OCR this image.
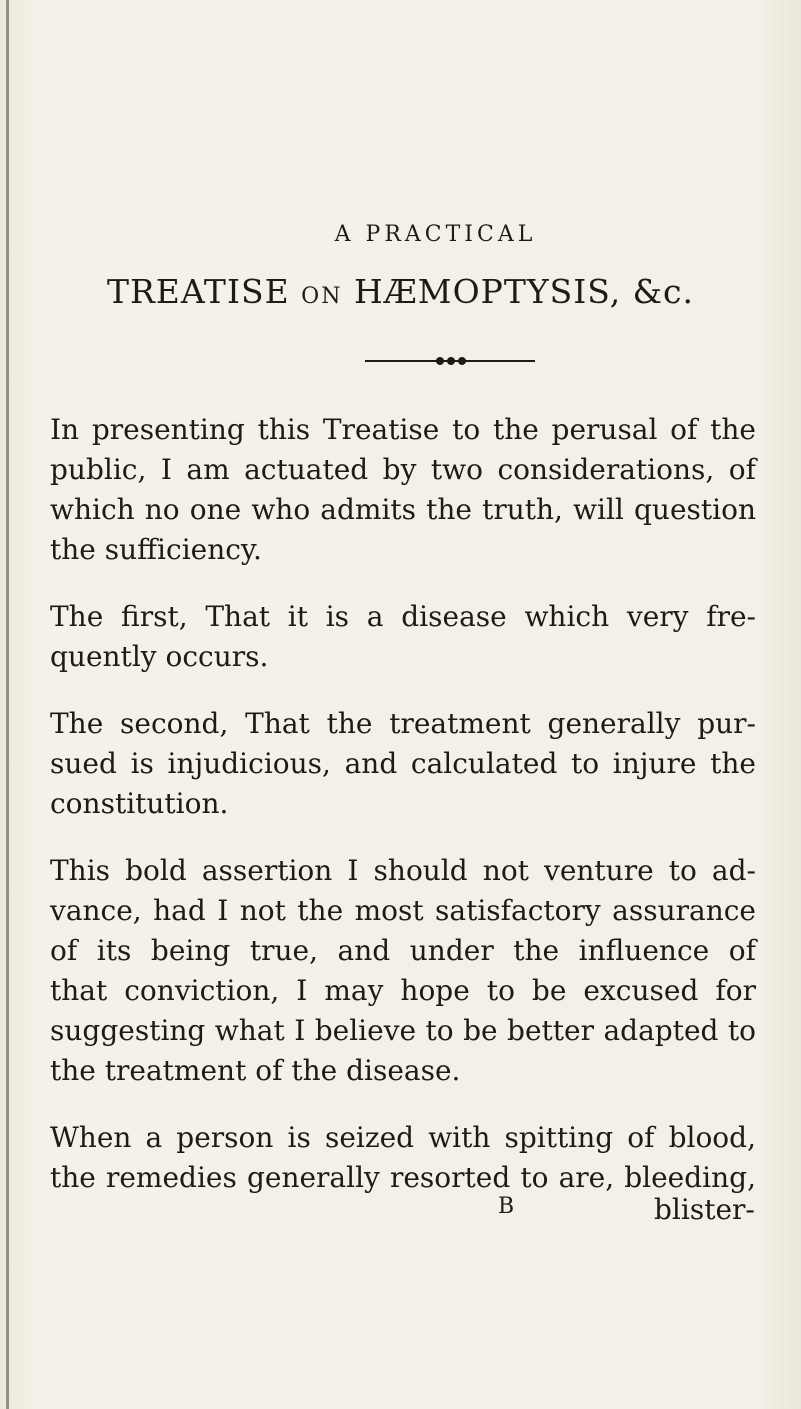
A PRACTICAL
TREATISE ON HÆMOPTYSIS, &c.
In presenting this Treatise to the perusal of the
public, I am actuated by two considerations, of
which no one who admits the truth, will question
the sufficiency.
The first, That it is a disease which very fre-
quently occurs.
The second, That the treatment generally pur-
sued is injudicious, and calculated to injure the
constitution.
This bold assertion I should not venture to ad-
vance, had I not the most satisfactory assurance
of its being true, and under the influence of
that conviction, I may hope to be excused for
suggesting what I believe to be better adapted to
the treatment of the disease.
When a person is seized with spitting of blood,
the remedies generally resorted to are, bleeding,
B	blister-
